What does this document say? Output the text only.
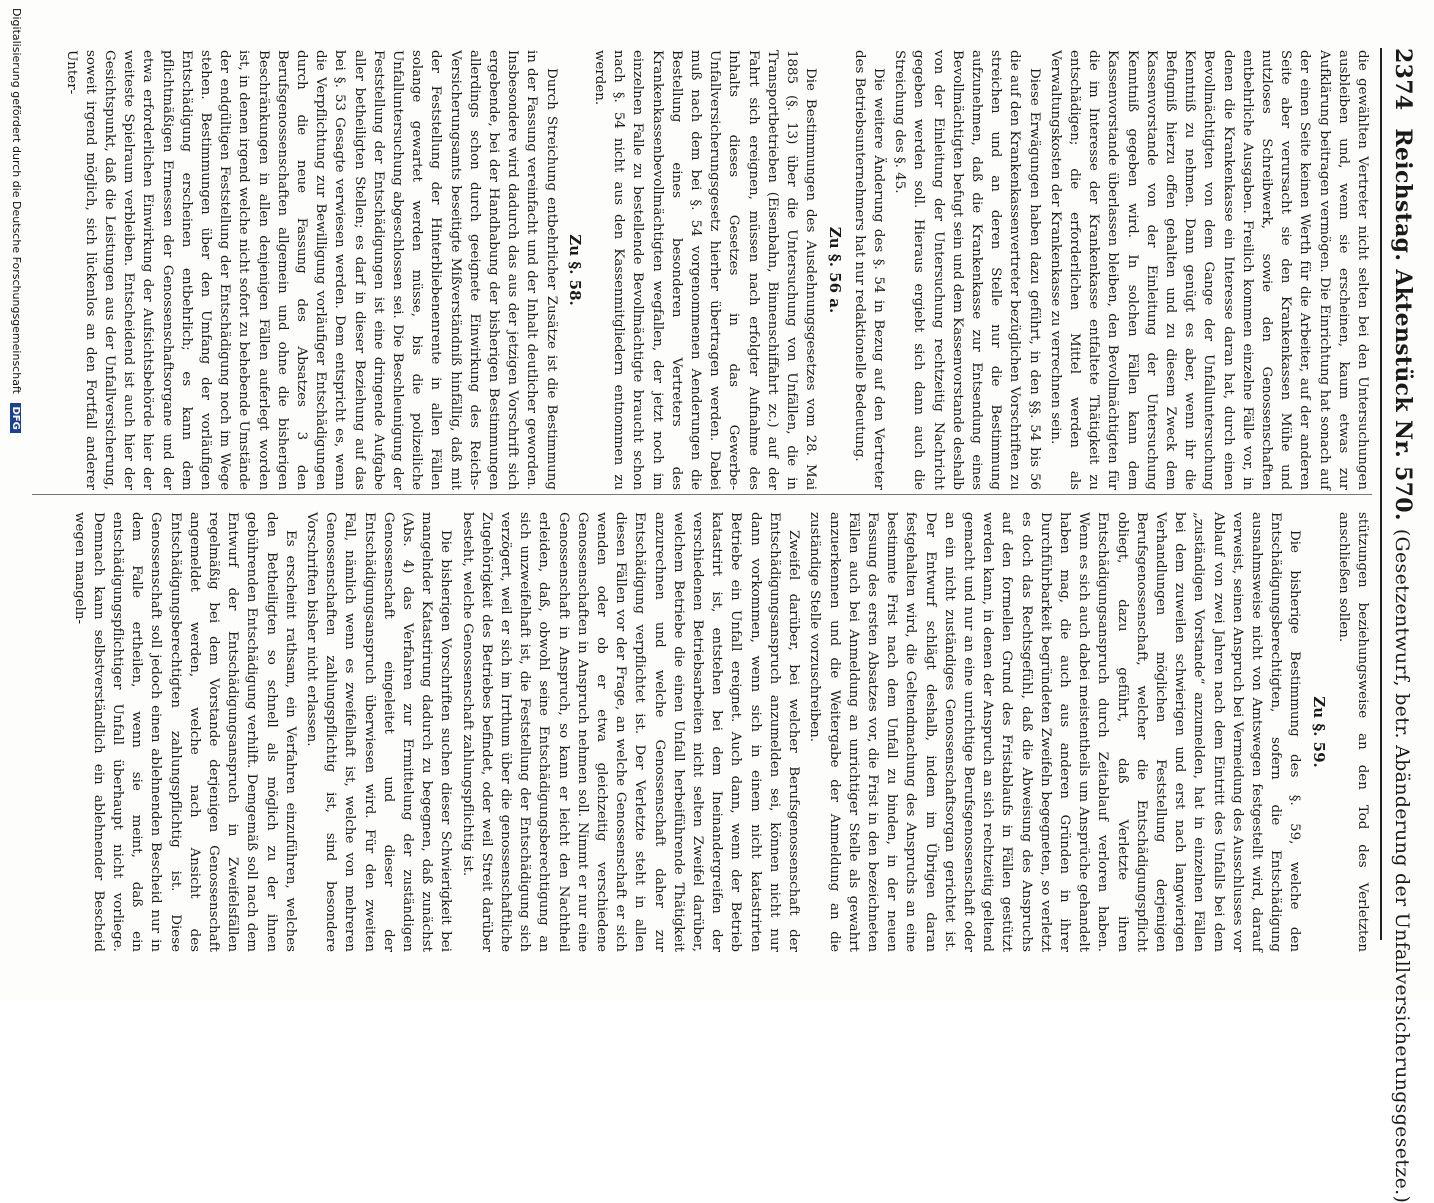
2374 Reichstag. Aktenstück Nr. 570. (Gesetzentwurf, betr. Abänderung der Unfallversicherungsgesetze.)

die gewählten Vertreter nicht selten bei den Untersuchungen ausbleiben und, wenn sie erscheinen, kaum etwas zur Aufklärung beitragen vermögen. Die Einrichtung hat sonach auf der einen Seite keinen Werth für die Arbeiter, auf der anderen Seite aber verursacht sie den Krankenkassen Mühe und nutzloses Schreibwerk, sowie den Genossenschaften entbehrliche Ausgaben. Freilich kommen einzelne Fälle vor, in denen die Krankenkasse ein Interesse daran hat, durch einen Bevollmächtigten von dem Gange der Unfalluntersuchung Kenntniß zu nehmen. Dann genügt es aber, wenn ihr die Befugniß hierzu offen gehalten und zu diesem Zweck dem Kassenvorstande von der Einleitung der Untersuchung Kenntniß gegeben wird. In solchen Fällen kann dem Kassenvorstande überlassen bleiben, den Bevollmächtigten für die im Interesse der Krankenkasse entfaltete Thätigkeit zu entschädigen; die erforderlichen Mittel werden als Verwaltungskosten der Krankenkasse zu verrechnen sein.

Diese Erwägungen haben dazu geführt, in den §§. 54 bis 56 die auf den Krankenkassenvertreter bezüglichen Vorschriften zu streichen und an deren Stelle nur die Bestimmung aufzunehmen, daß die Krankenkasse zur Entsendung eines Bevollmächtigten befugt sein und dem Kassenvorstande deshalb von der Einleitung der Untersuchung rechtzeitig Nachricht gegeben werden soll. Hieraus ergiebt sich dann auch die Streichung des §. 45.

Die weitere Änderung des §. 54 in Bezug auf den Vertreter des Betriebsunternehmers hat nur redaktionelle Bedeutung.

Zu §. 56 a.

Die Bestimmungen des Ausdehnungsgesetzes vom 28. Mai 1885 (§. 13) über die Untersuchung von Unfällen, die in Transportbetrieben (Eisenbahn, Binnenschiffahrt zc.) auf der Fahrt sich ereignen, müssen nach erfolgter Aufnahme des Inhalts dieses Gesetzes in das Gewerbe-Unfallversicherungsgesetz hierher übertragen werden. Dabei muß nach dem bei §. 54 vorgenommenen Aenderungen die Bestellung eines besonderen Vertreters des Krankenkassenbevollmächtigten wegfallen, der jetzt noch im einzelnen Falle zu bestellende Bevollmächtigte braucht schon nach §. 54 nicht aus den Kassenmitgliedern entnommen zu werden.

Zu §. 58.

Durch Streichung entbehrlicher Zusätze ist die Bestimmung in der Fassung vereinfacht und der Inhalt deutlicher geworden. Insbesondere wird dadurch das aus der jetzigen Vorschrift sich ergebende, bei der Handhabung der bisherigen Bestimmungen allerdings schon durch geeignete Einwirkung des Reichs-Versicherungsamts beseitigte Mißverständniß hinfällig, daß mit der Feststellung der Hinterbliebenenrente in allen Fällen solange gewartet werden müsse, bis die polizeiliche Unfalluntersuchung abgeschlossen sei. Die Beschleunigung der Feststellung der Entschädigungen ist eine dringende Aufgabe aller betheiligten Stellen; es darf in dieser Beziehung auf das bei §. 53 Gesagte verwiesen werden. Dem entspricht es, wenn die Verpflichtung zur Bewilligung vorläufiger Entschädigungen durch die neue Fassung des Absatzes 3 den Berufsgenossenschaften allgemein und ohne die bisherigen Beschränkungen in allen denjenigen Fällen auferlegt worden ist, in denen irgend welche nicht sofort zu behebende Umstände der endgültigen Feststellung der Entschädigung noch im Wege stehen. Bestimmungen über den Umfang der vorläufigen Entschädigung erscheinen entbehrlich; es kann dem pflichtmäßigen Ermessen der Genossenschaftsorgane und der etwa erforderlichen Einwirkung der Aufsichtsbehörde hier der weiteste Spielraum verbleiben. Entscheidend ist auch hier der Gesichtspunkt, daß die Leistungen aus der Unfallversicherung, soweit irgend möglich, sich lückenlos an den Fortfall anderer Unter-

stützungen beziehungsweise an den Tod des Verletzten anschließen sollen.

Zu §. 59.

Die bisherige Bestimmung des §. 59, welche den Entschädigungsberechtigten, sofern die Entschädigung ausnahmsweise nicht von Amtswegen festgestellt wird, darauf verweist, seinen Anspruch bei Vermeidung des Ausschlusses vor Ablauf von zwei Jahren nach dem Eintritt des Unfalls bei dem „zuständigen Vorstande“ anzumelden, hat in einzelnen Fällen bei dem zuweilen schwierigen und erst nach langwierigen Verhandlungen möglichen Feststellung derjenigen Berufsgenossenschaft, welcher die Entschädigungspflicht obliegt, dazu geführt, daß Verletzte ihren Entschädigungsanspruch durch Zeitablauf verloren haben. Wenn es sich auch dabei meistentheils um Ansprüche gehandelt haben mag, die auch aus anderen Gründen in ihrer Durchführbarkeit begründeten Zweifeln begegneten, so verletzt es doch das Rechtsgefühl, daß die Abweisung des Anspruchs auf den formellen Grund des Fristablaufs in Fällen gestützt werden kann, in denen der Anspruch an sich rechtzeitig geltend gemacht und nur an eine unrichtige Berufsgenossenschaft oder an ein nicht zuständiges Genossenschaftsorgan gerichtet ist. Der Entwurf schlägt deshalb, indem im Übrigen daran festgehalten wird, die Geltendmachung des Anspruchs an eine bestimmte Frist nach dem Unfall zu binden, in der neuen Fassung des ersten Absatzes vor, die Frist in den bezeichneten Fällen auch bei Anmeldung an unrichtiger Stelle als gewahrt anzuerkennen und die Weitergabe der Anmeldung an die zuständige Stelle vorzuschreiben.

Zweifel darüber, bei welcher Berufsgenossenschaft der Entschädigungsanspruch anzumelden sei, können nicht nur dann vorkommen, wenn sich in einem nicht katastrirten Betriebe ein Unfall ereignet. Auch dann, wenn der Betrieb katastrirt ist, entstehen bei dem Ineinandergreifen der verschiedenen Betriebsarbeiten nicht selten Zweifel darüber, welchem Betriebe die einen Unfall herbeiführende Thätigkeit anzurechnen und welche Genossenschaft daher zur Entschädigung verpflichtet ist. Der Verletzte steht in allen diesen Fällen vor der Frage, an welche Genossenschaft er sich wenden oder ob er etwa gleichzeitig verschiedene Genossenschaften in Anspruch nehmen soll. Nimmt er nur eine Genossenschaft in Anspruch, so kann er leicht den Nachtheil erleiden, daß, obwohl seine Entschädigungsberechtigung an sich unzweifelhaft ist, die Feststellung der Entschädigung sich verzögert, weil er sich im Irrthum über die genossenschaftliche Zugehörigkeit des Betriebes befindet, oder weil Streit darüber besteht, welche Genossenschaft zahlungspflichtig ist.

Die bisherigen Vorschriften suchen dieser Schwierigkeit bei mangelnder Katastrirung dadurch zu begegnen, daß zunächst (Abs. 4) das Verfahren zur Ermittelung der zuständigen Genossenschaft eingeleitet und dieser der Entschädigungsanspruch überwiesen wird. Für den zweiten Fall, nämlich wenn es zweifelhaft ist, welche von mehreren Genossenschaften zahlungspflichtig ist, sind besondere Vorschriften bisher nicht erlassen.

Es erscheint rathsam, ein Verfahren einzuführen, welches den Betheiligten so schnell als möglich zu der ihnen gebührenden Entschädigung verhilft. Demgemäß soll nach dem Entwurf der Entschädigungsanspruch in Zweifelsfällen regelmäßig bei dem Vorstande derjenigen Genossenschaft angemeldet werden, welche nach Ansicht des Entschädigungsberechtigten zahlungspflichtig ist. Diese Genossenschaft soll jedoch einen ablehnenden Bescheid nur in dem Falle ertheilen, wenn sie meint, daß ein entschädigungspflichtiger Unfall überhaupt nicht vorliege. Demnach kann selbstverständlich ein ablehnender Bescheid wegen mangeln-

Digitalisierung gefördert durch die Deutsche Forschungsgemeinschaft DFG
